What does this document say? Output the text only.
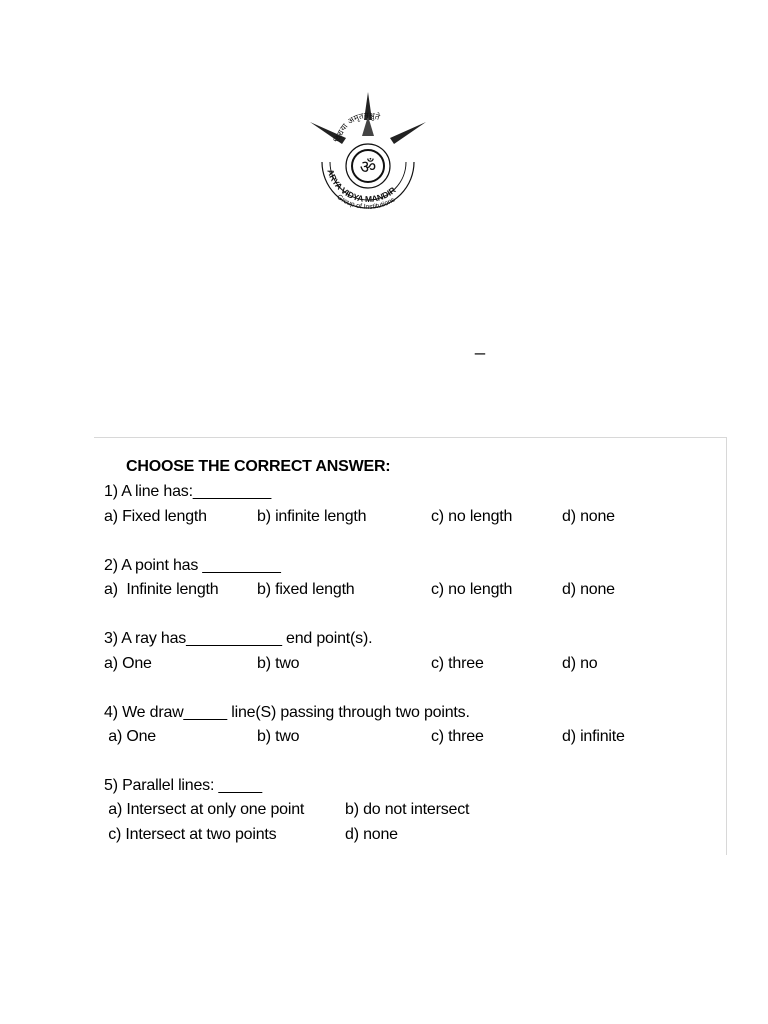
विद्यया अमृतमश्नुते
ARYA VIDYA MANDIR
Group of Institutions
ॐ
_
CHOOSE THE CORRECT ANSWER:
1) A line has:_________
a) Fixed length	b) infinite length	c) no length	d) none
2) A point has _________
a)  Infinite length b) fixed length	c) no length	d) none
3) A ray has___________ end point(s).
a) One	b) two	c) three	d) no
4) We draw_____ line(S) passing through two points.
a) One	b) two	c) three	d) infinite
5) Parallel lines: _____
a) Intersect at only one point	b) do not intersect
c) Intersect at two points	d) none
